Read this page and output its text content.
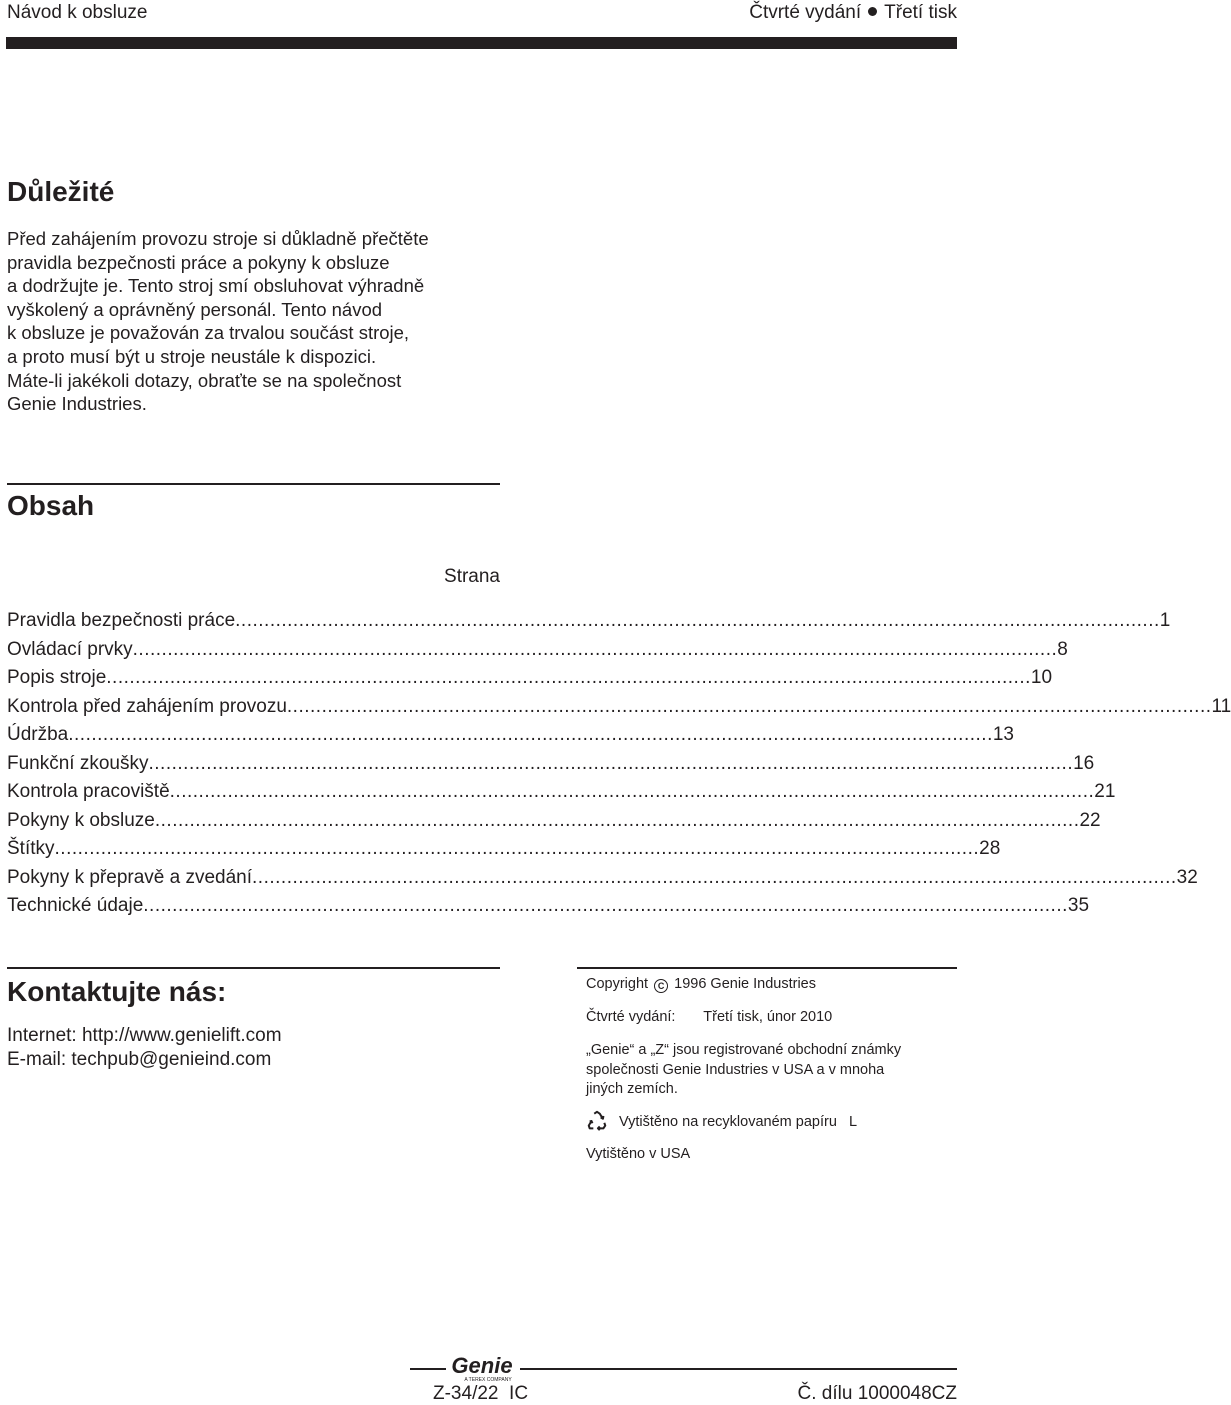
Návod k obsluze	Čtvrté vydání Třetí tisk
Důležité
Před zahájením provozu stroje si důkladně přečtěte
pravidla bezpečnosti práce a pokyny k obsluze
a dodržujte je. Tento stroj smí obsluhovat výhradně
vyškolený a oprávněný personál. Tento návod
k obsluze je považován za trvalou součást stroje,
a proto musí být u stroje neustále k dispozici.
Máte-li jakékoli dotazy, obraťte se na společnost
Genie Industries.
Obsah
Strana
Pravidla bezpečnosti práce ................................................................................................................................................................ 1
Ovládací prvky ................................................................................................................................................................ 8
Popis stroje ................................................................................................................................................................ 10
Kontrola před zahájením provozu ................................................................................................................................................................ 11
Údržba ................................................................................................................................................................ 13
Funkční zkoušky ................................................................................................................................................................ 16
Kontrola pracoviště ................................................................................................................................................................ 21
Pokyny k obsluze ................................................................................................................................................................ 22
Štítky ................................................................................................................................................................ 28
Pokyny k přepravě a zvedání ................................................................................................................................................................ 32
Technické údaje ................................................................................................................................................................ 35
Kontaktujte nás:
Internet: http://www.genielift.com
E-mail: techpub@genieind.com
Copyright C 1996 Genie Industries
Čtvrté vydání: Třetí tisk, únor 2010
„Genie“ a „Z“ jsou registrované obchodní známky
společnosti Genie Industries v USA a v mnoha
jiných zemích.
Vytištěno na recyklovaném papíru L
Vytištěno v USA
Genie
A TEREX COMPANY
Z-34/22  IC	Č. dílu 1000048CZ
